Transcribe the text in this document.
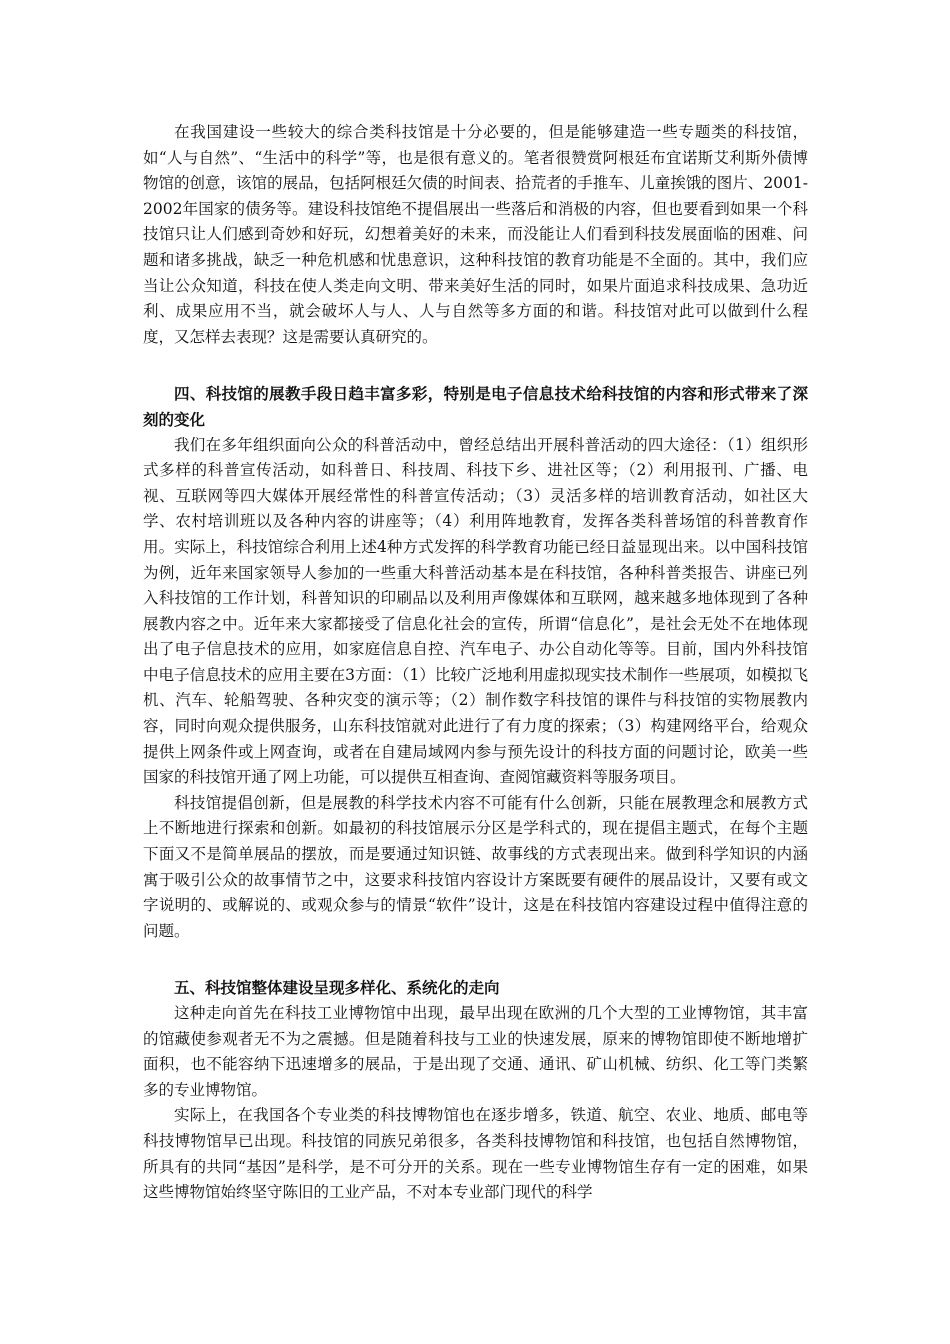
在我国建设一些较大的综合类科技馆是十分必要的，但是能够建造一些专题类的科技馆，如“人与自然”、“生活中的科学”等，也是很有意义的。笔者很赞赏阿根廷布宜诺斯艾利斯外债博物馆的创意，该馆的展品，包括阿根廷欠债的时间表、拾荒者的手推车、儿童挨饿的图片、2001-2002年国家的债务等。建设科技馆绝不提倡展出一些落后和消极的内容，但也要看到如果一个科技馆只让人们感到奇妙和好玩，幻想着美好的未来，而没能让人们看到科技发展面临的困难、问题和诸多挑战，缺乏一种危机感和忧患意识，这种科技馆的教育功能是不全面的。其中，我们应当让公众知道，科技在使人类走向文明、带来美好生活的同时，如果片面追求科技成果、急功近利、成果应用不当，就会破坏人与人、人与自然等多方面的和谐。科技馆对此可以做到什么程度，又怎样去表现？这是需要认真研究的。

四、科技馆的展教手段日趋丰富多彩，特别是电子信息技术给科技馆的内容和形式带来了深刻的变化

我们在多年组织面向公众的科普活动中，曾经总结出开展科普活动的四大途径：（1）组织形式多样的科普宣传活动，如科普日、科技周、科技下乡、进社区等；（2）利用报刊、广播、电视、互联网等四大媒体开展经常性的科普宣传活动；（3）灵活多样的培训教育活动，如社区大学、农村培训班以及各种内容的讲座等；（4）利用阵地教育，发挥各类科普场馆的科普教育作用。实际上，科技馆综合利用上述4种方式发挥的科学教育功能已经日益显现出来。以中国科技馆为例，近年来国家领导人参加的一些重大科普活动基本是在科技馆，各种科普类报告、讲座已列入科技馆的工作计划，科普知识的印刷品以及利用声像媒体和互联网，越来越多地体现到了各种展教内容之中。近年来大家都接受了信息化社会的宣传，所谓“信息化”，是社会无处不在地体现出了电子信息技术的应用，如家庭信息自控、汽车电子、办公自动化等等。目前，国内外科技馆中电子信息技术的应用主要在3方面：（1）比较广泛地利用虚拟现实技术制作一些展项，如模拟飞机、汽车、轮船驾驶、各种灾变的演示等；（2）制作数字科技馆的课件与科技馆的实物展教内容，同时向观众提供服务，山东科技馆就对此进行了有力度的探索；（3）构建网络平台，给观众提供上网条件或上网查询，或者在自建局域网内参与预先设计的科技方面的问题讨论，欧美一些国家的科技馆开通了网上功能，可以提供互相查询、查阅馆藏资料等服务项目。

科技馆提倡创新，但是展教的科学技术内容不可能有什么创新，只能在展教理念和展教方式上不断地进行探索和创新。如最初的科技馆展示分区是学科式的，现在提倡主题式，在每个主题下面又不是简单展品的摆放，而是要通过知识链、故事线的方式表现出来。做到科学知识的内涵寓于吸引公众的故事情节之中，这要求科技馆内容设计方案既要有硬件的展品设计，又要有或文字说明的、或解说的、或观众参与的情景“软件”设计，这是在科技馆内容建设过程中值得注意的问题。

五、科技馆整体建设呈现多样化、系统化的走向

这种走向首先在科技工业博物馆中出现，最早出现在欧洲的几个大型的工业博物馆，其丰富的馆藏使参观者无不为之震撼。但是随着科技与工业的快速发展，原来的博物馆即使不断地增扩面积，也不能容纳下迅速增多的展品，于是出现了交通、通讯、矿山机械、纺织、化工等门类繁多的专业博物馆。

实际上，在我国各个专业类的科技博物馆也在逐步增多，铁道、航空、农业、地质、邮电等科技博物馆早已出现。科技馆的同族兄弟很多，各类科技博物馆和科技馆，也包括自然博物馆，所具有的共同“基因”是科学，是不可分开的关系。现在一些专业博物馆生存有一定的困难，如果这些博物馆始终坚守陈旧的工业产品，不对本专业部门现代的科学
